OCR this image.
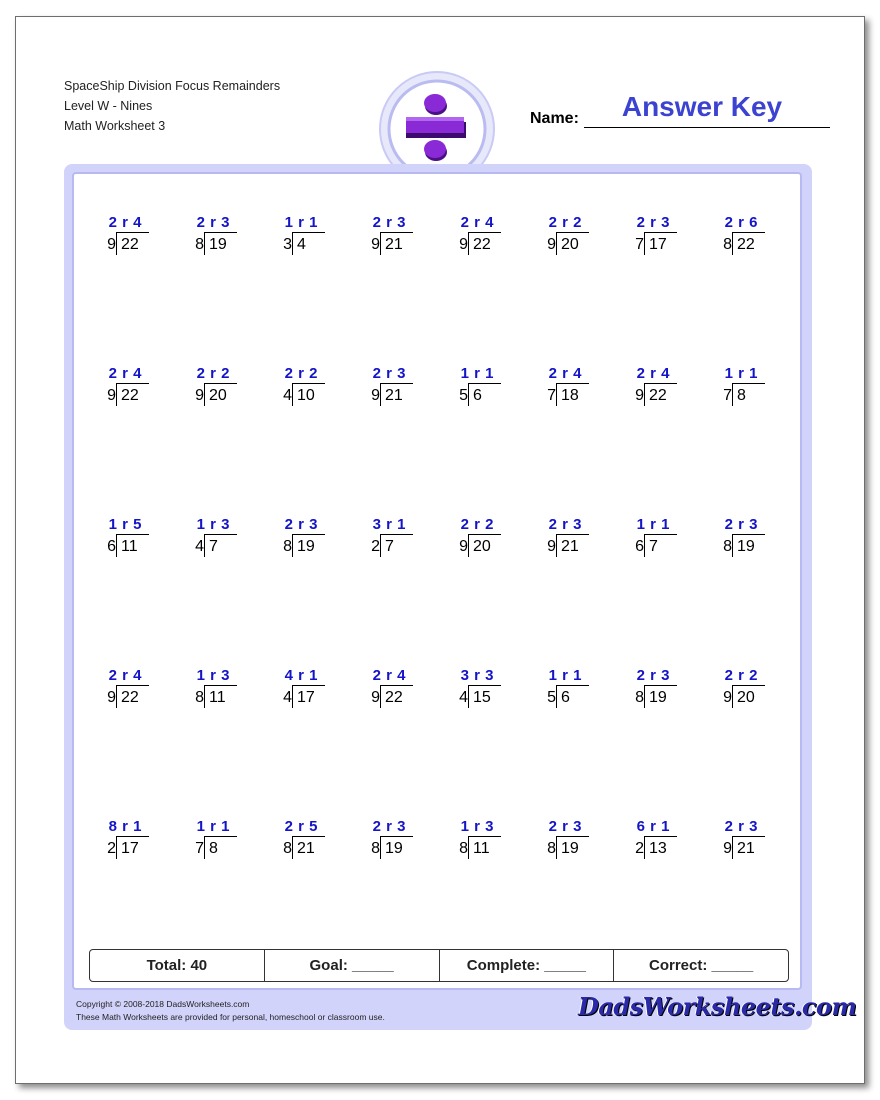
SpaceShip Division Focus Remainders
Level W - Nines
Math Worksheet 3	Name:	Answer Key
2 r 4
9 22
2 r 3
8 19
1 r 1
3 4
2 r 3
9 21
2 r 4
9 22
2 r 2
9 20
2 r 3
7 17
2 r 6
8 22
2 r 4
9 22
2 r 2
9 20
2 r 2
4 10
2 r 3
9 21
1 r 1
5 6
2 r 4
7 18
2 r 4
9 22
1 r 1
7 8
1 r 5
6 11
1 r 3
4 7
2 r 3
8 19
3 r 1
2 7
2 r 2
9 20
2 r 3
9 21
1 r 1
6 7
2 r 3
8 19
2 r 4
9 22
1 r 3
8 11
4 r 1
4 17
2 r 4
9 22
3 r 3
4 15
1 r 1
5 6
2 r 3
8 19
2 r 2
9 20
8 r 1
2 17
1 r 1
7 8
2 r 5
8 21
2 r 3
8 19
1 r 3
8 11
2 r 3
8 19
6 r 1
2 13
2 r 3
9 21
Total: 40	Goal: _____	Complete: _____	Correct: _____
Copyright © 2008-2018 DadsWorksheets.com
These Math Worksheets are provided for personal, homeschool or classroom use.	DadsWorksheets.com
